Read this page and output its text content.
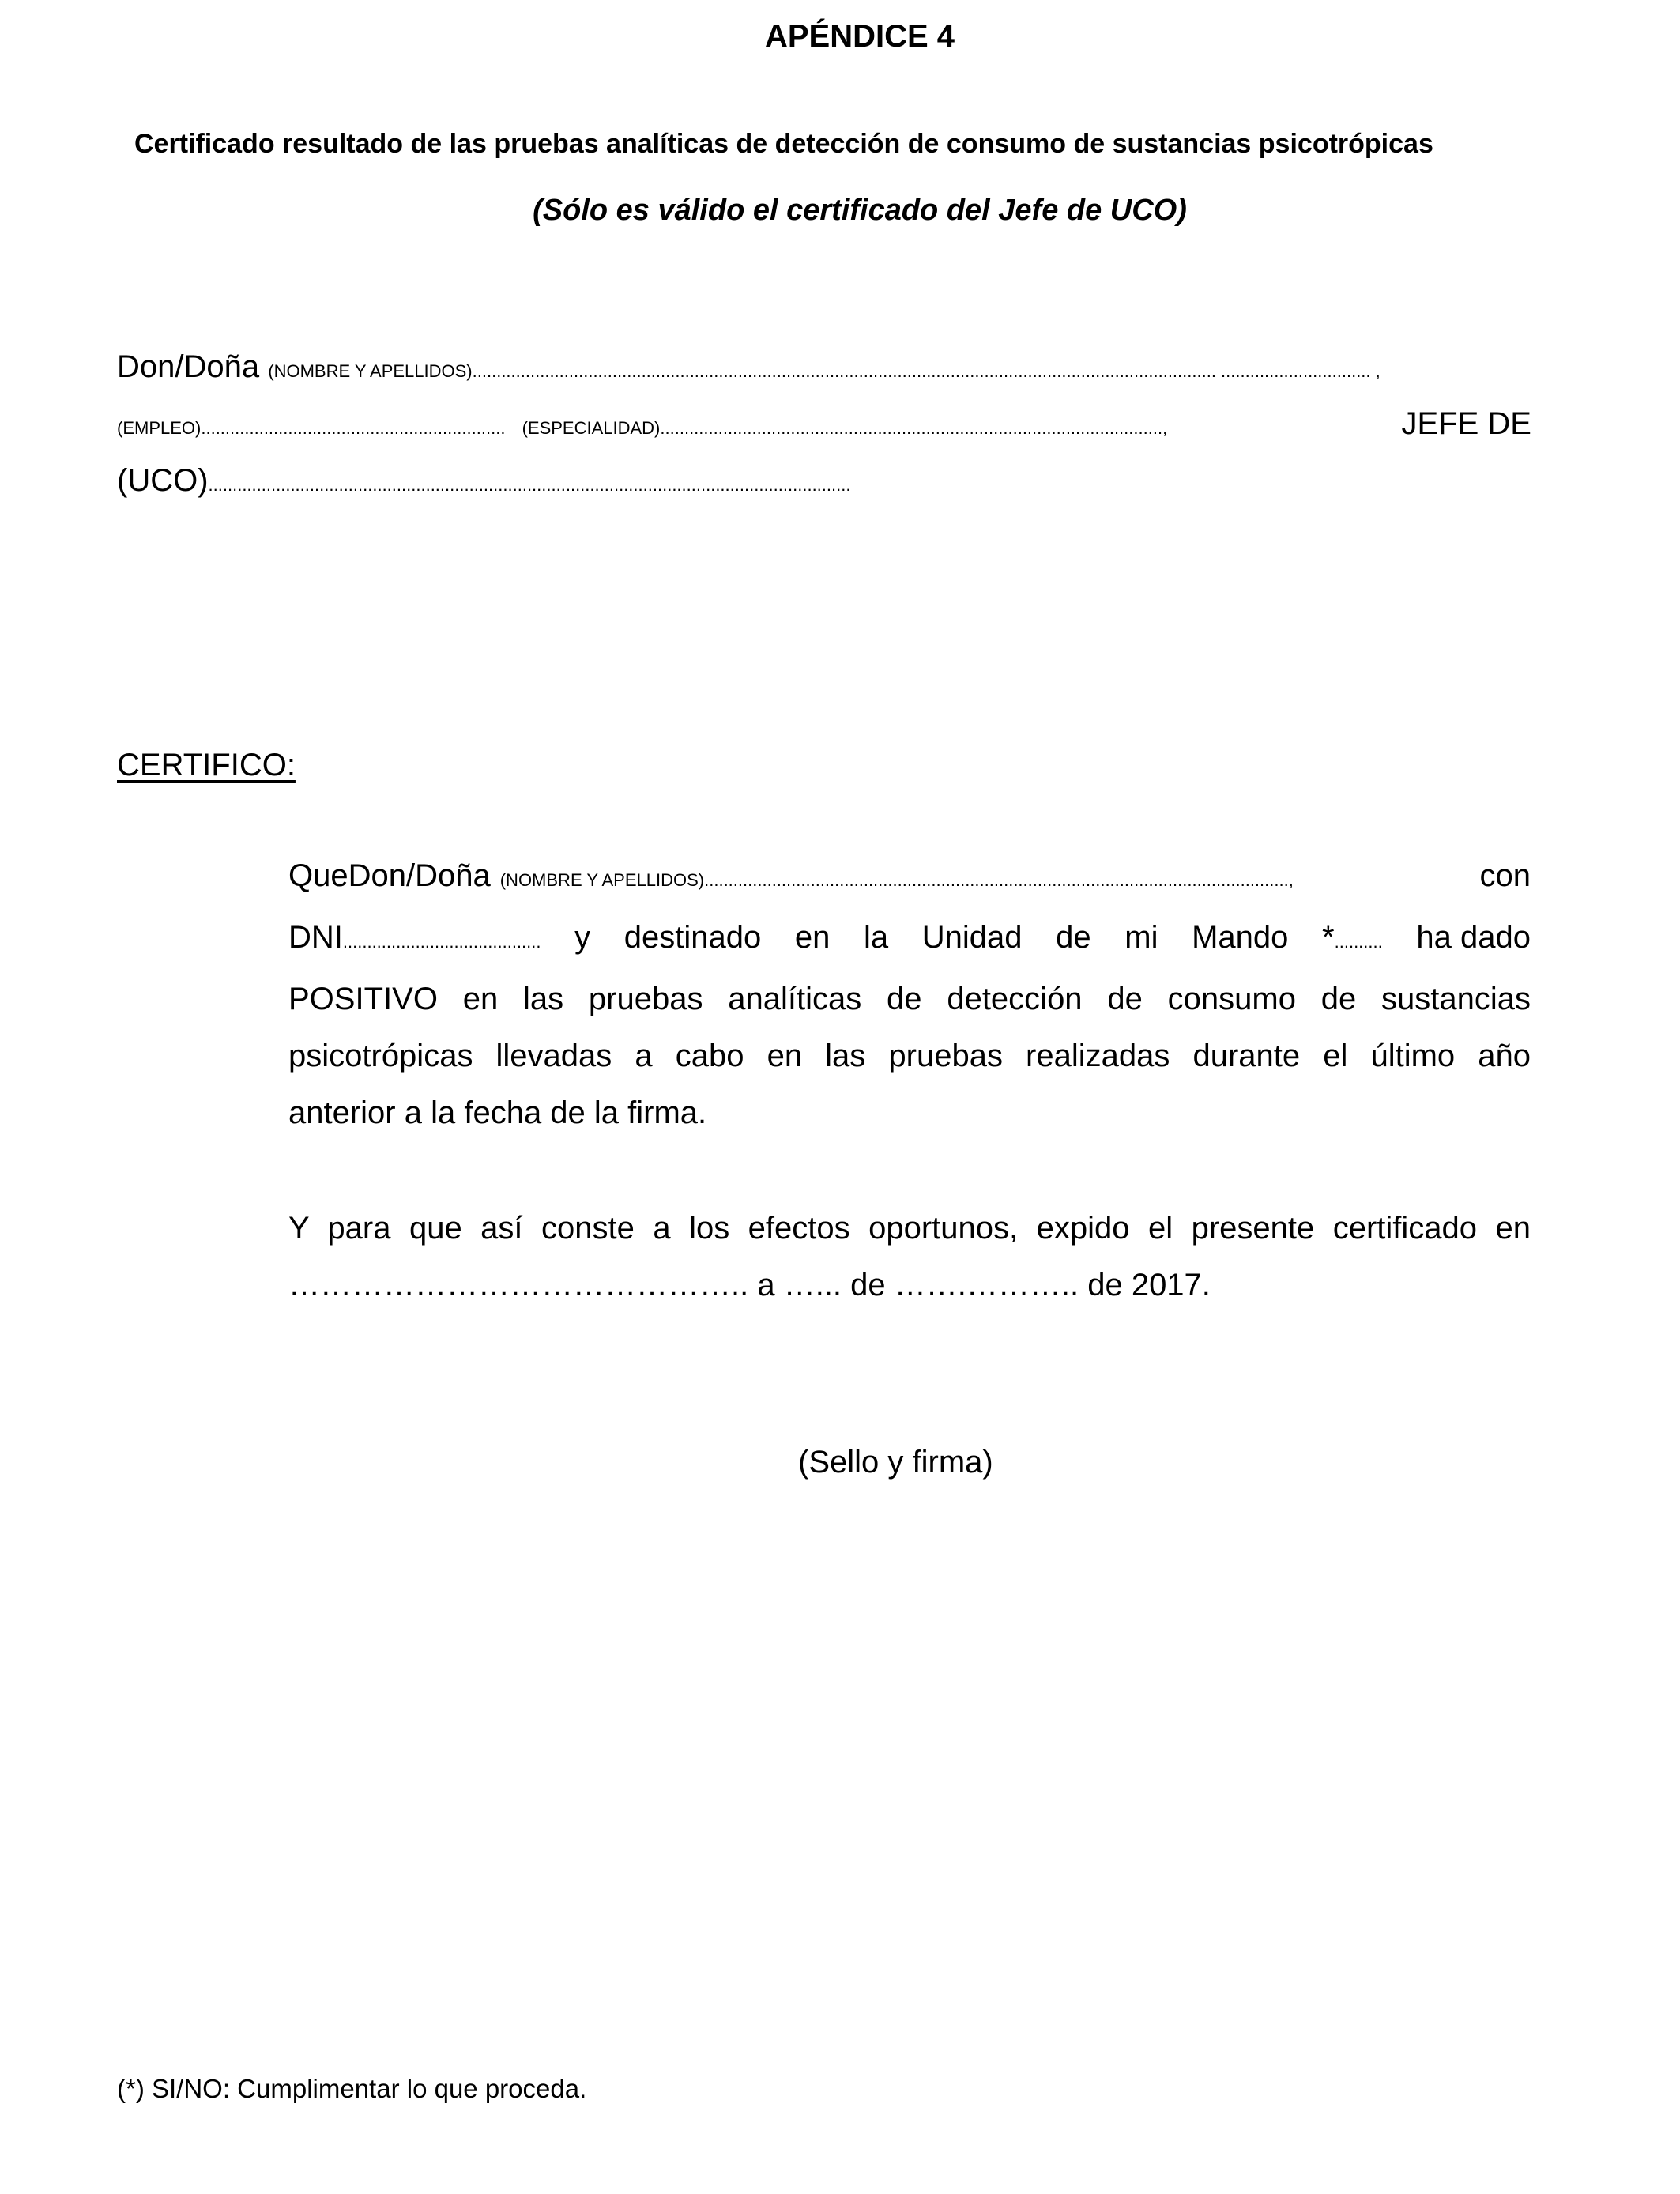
APÉNDICE 4
Certificado resultado de las pruebas analíticas de detección de consumo de sustancias psicotrópicas
(Sólo es válido el certificado del Jefe de UCO)
Don/Doña (NOMBRE Y APELLIDOS).......................................................................................................................................................... ............................... ,
(EMPLEO)............................................................... (ESPECIALIDAD)........................................................................................................,	JEFE DE
(UCO).....................................................................................................................................
CERTIFICO:
Que Don/Doña (NOMBRE Y APELLIDOS) .........................................................................................................................,	con
DNI......................................... y destinado en la Unidad de mi Mando *.......... ha dado
POSITIVO en las pruebas analíticas de detección de consumo de sustancias
psicotrópicas llevadas a cabo en las pruebas realizadas durante el último año
anterior a la fecha de la firma.
Y para que así conste a los efectos oportunos, expido el presente certificado en
…………………………………….. a …... de …….……….. de 2017.
(Sello y firma)
(*) SI/NO: Cumplimentar lo que proceda.
